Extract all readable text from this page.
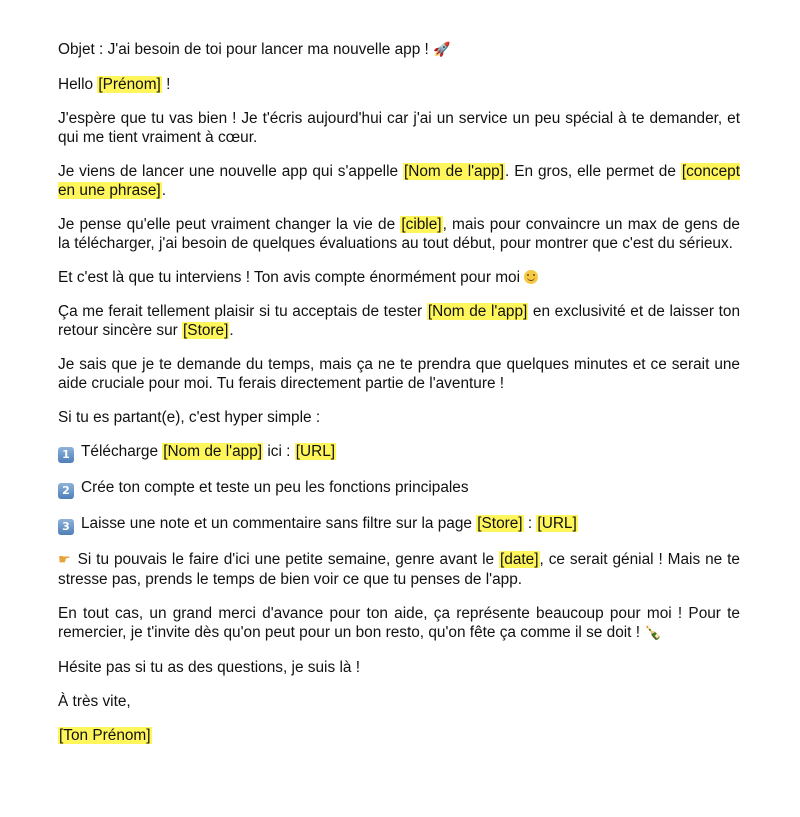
Objet : J'ai besoin de toi pour lancer ma nouvelle app ! 🚀

Hello [Prénom] !

J'espère que tu vas bien ! Je t'écris aujourd'hui car j'ai un service un peu spécial à te demander, et qui me tient vraiment à cœur.

Je viens de lancer une nouvelle app qui s'appelle [Nom de l'app]. En gros, elle permet de [concept en une phrase].

Je pense qu'elle peut vraiment changer la vie de [cible], mais pour convaincre un max de gens de la télécharger, j'ai besoin de quelques évaluations au tout début, pour montrer que c'est du sérieux.

Et c'est là que tu interviens ! Ton avis compte énormément pour moi

Ça me ferait tellement plaisir si tu acceptais de tester [Nom de l'app] en exclusivité et de laisser ton retour sincère sur [Store].

Je sais que je te demande du temps, mais ça ne te prendra que quelques minutes et ce serait une aide cruciale pour moi. Tu ferais directement partie de l'aventure !

Si tu es partant(e), c'est hyper simple :

1 Télécharge [Nom de l'app] ici : [URL]

2 Crée ton compte et teste un peu les fonctions principales

3 Laisse une note et un commentaire sans filtre sur la page [Store] : [URL]

☛ Si tu pouvais le faire d'ici une petite semaine, genre avant le [date], ce serait génial ! Mais ne te stresse pas, prends le temps de bien voir ce que tu penses de l'app.

En tout cas, un grand merci d'avance pour ton aide, ça représente beaucoup pour moi ! Pour te remercier, je t'invite dès qu'on peut pour un bon resto, qu'on fête ça comme il se doit ! 🍾

Hésite pas si tu as des questions, je suis là !

À très vite,

[Ton Prénom]
